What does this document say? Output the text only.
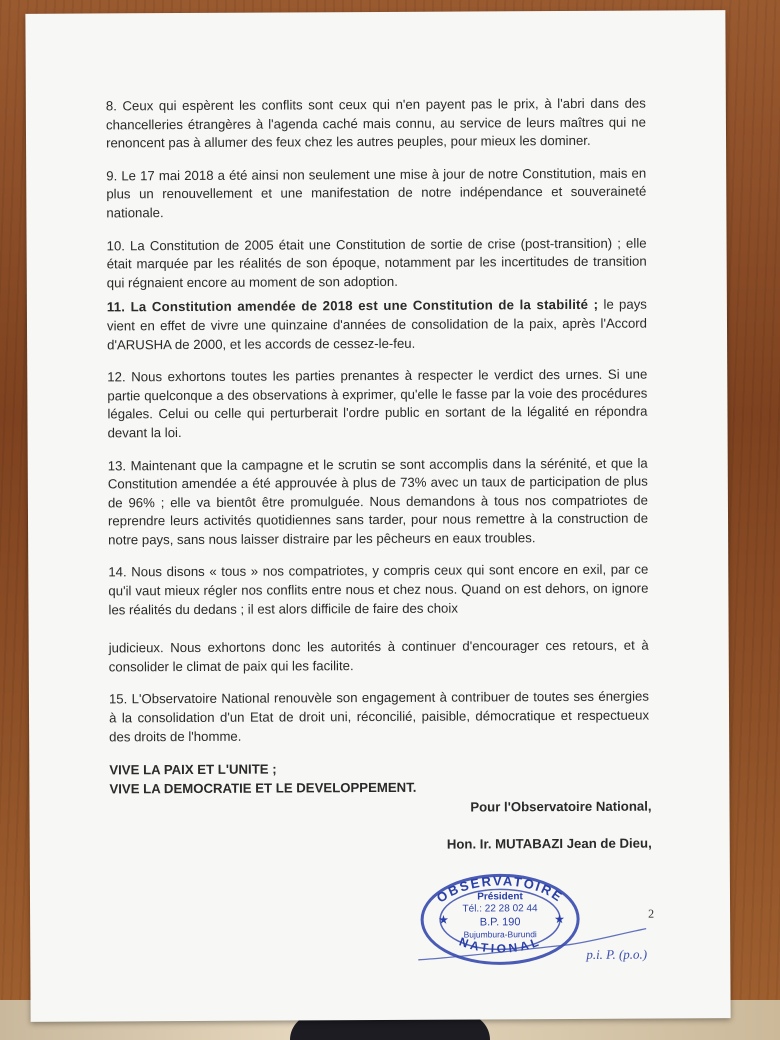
8. Ceux qui espèrent les conflits sont ceux qui n'en payent pas le prix, à l'abri dans des chancelleries étrangères à l'agenda caché mais connu, au service de leurs maîtres qui ne renoncent pas à allumer des feux chez les autres peuples, pour mieux les dominer.

9. Le 17 mai 2018 a été ainsi non seulement une mise à jour de notre Constitution, mais en plus un renouvellement et une manifestation de notre indépendance et souveraineté nationale.

10. La Constitution de 2005 était une Constitution de sortie de crise (post-transition) ; elle était marquée par les réalités de son époque, notamment par les incertitudes de transition qui régnaient encore au moment de son adoption.

11. La Constitution amendée de 2018 est une Constitution de la stabilité ; le pays vient en effet de vivre une quinzaine d'années de consolidation de la paix, après l'Accord d'ARUSHA de 2000, et les accords de cessez-le-feu.

12. Nous exhortons toutes les parties prenantes à respecter le verdict des urnes. Si une partie quelconque a des observations à exprimer, qu'elle le fasse par la voie des procédures légales. Celui ou celle qui perturberait l'ordre public en sortant de la légalité en répondra devant la loi.

13. Maintenant que la campagne et le scrutin se sont accomplis dans la sérénité, et que la Constitution amendée a été approuvée à plus de 73% avec un taux de participation de plus de 96% ; elle va bientôt être promulguée. Nous demandons à tous nos compatriotes de reprendre leurs activités quotidiennes sans tarder, pour nous remettre à la construction de notre pays, sans nous laisser distraire par les pêcheurs en eaux troubles.

14. Nous disons « tous » nos compatriotes, y compris ceux qui sont encore en exil, par ce qu'il vaut mieux régler nos conflits entre nous et chez nous. Quand on est dehors, on ignore les réalités du dedans ; il est alors difficile de faire des choix

judicieux. Nous exhortons donc les autorités à continuer d'encourager ces retours, et à consolider le climat de paix qui les facilite.

15. L'Observatoire National renouvèle son engagement à contribuer de toutes ses énergies à la consolidation d'un Etat de droit uni, réconcilié, paisible, démocratique et respectueux des droits de l'homme.

VIVE LA PAIX ET L'UNITE ;
VIVE LA DEMOCRATIE ET LE DEVELOPPEMENT.
Pour l'Observatoire National,
Hon. Ir. MUTABAZI Jean de Dieu,
2
OBSERVATOIRE
NATIONAL
Président
Tél.: 22 28 02 44
B.P. 190
Bujumbura-Burundi
★	★
p.i. P. (p.o.)
